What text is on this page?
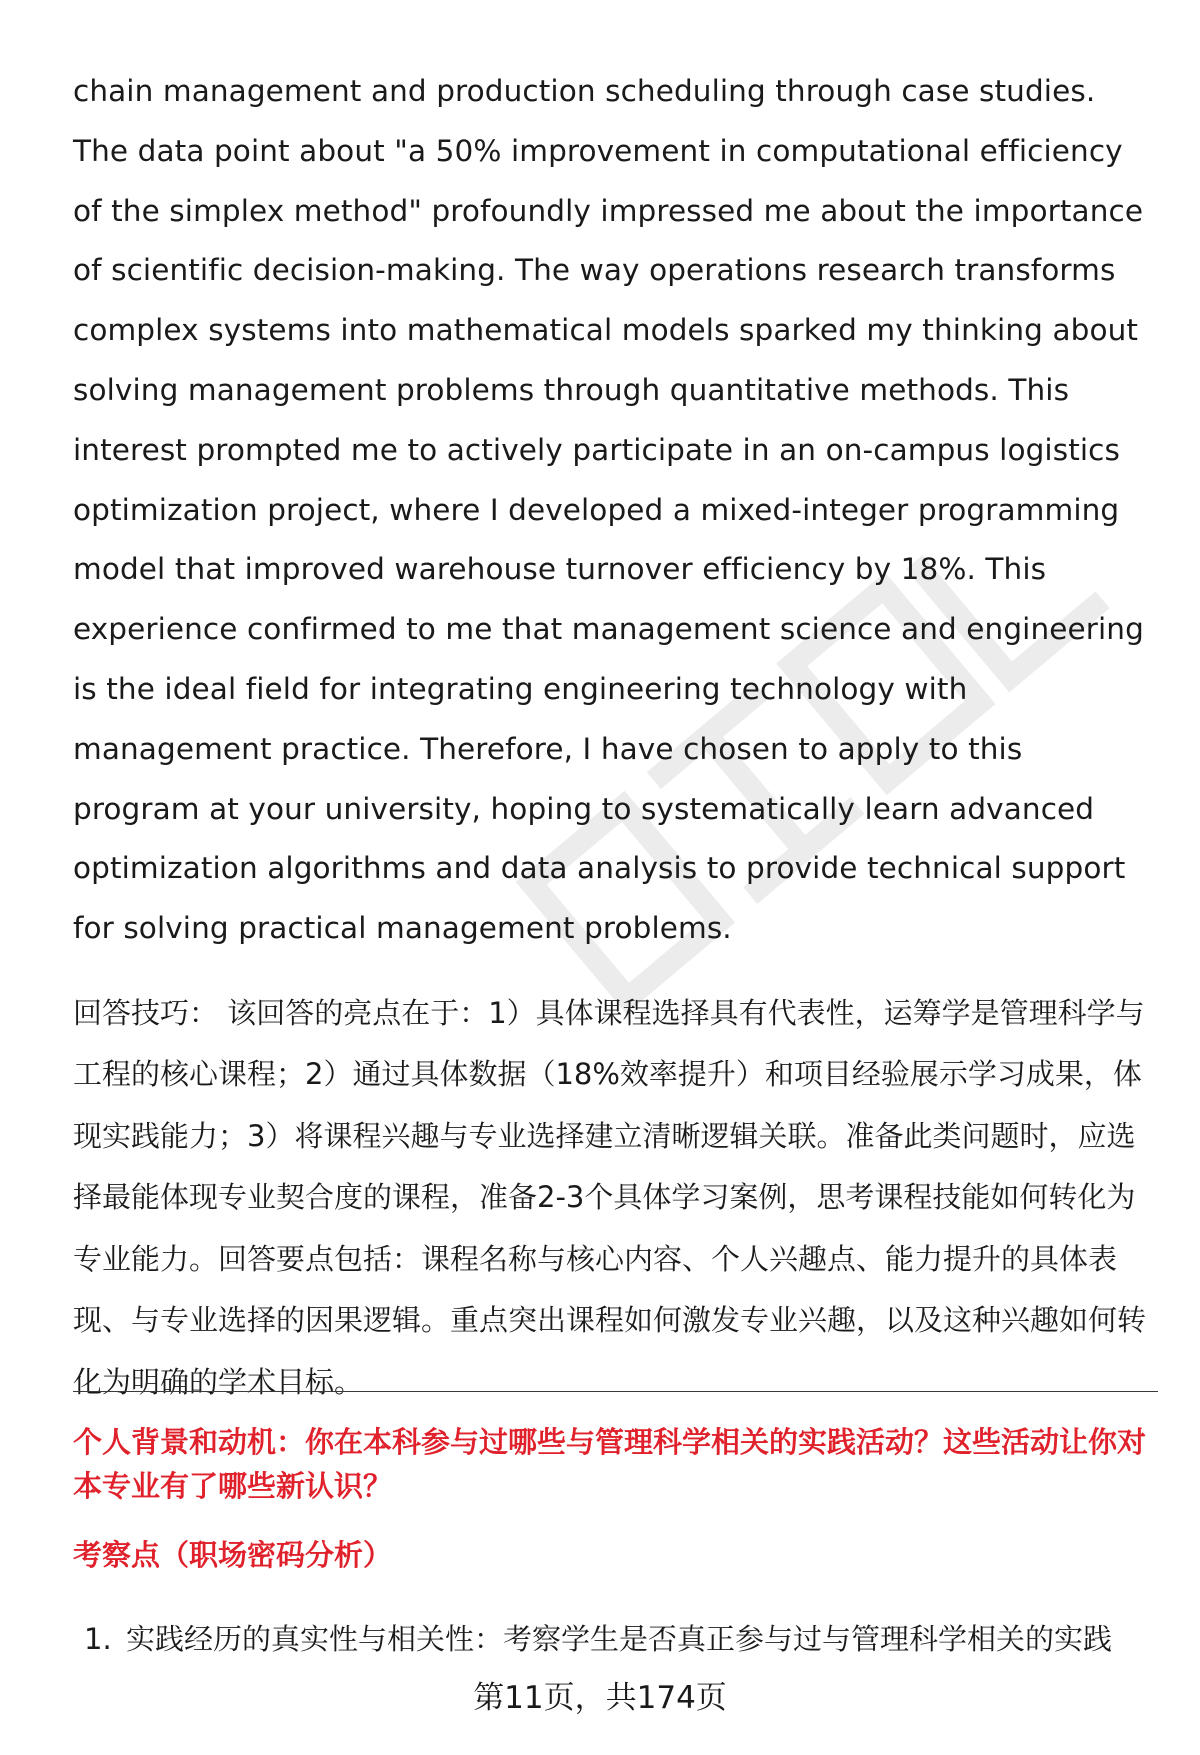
chain management and production scheduling through case studies. The data point about "a 50% improvement in computational efficiency of the simplex method" profoundly impressed me about the importance of scientific decision-making. The way operations research transforms complex systems into mathematical models sparked my thinking about solving management problems through quantitative methods. This interest prompted me to actively participate in an on-campus logistics optimization project, where I developed a mixed-integer programming model that improved warehouse turnover efficiency by 18%. This experience confirmed to me that management science and engineering is the ideal field for integrating engineering technology with management practice. Therefore, I have chosen to apply to this program at your university, hoping to systematically learn advanced optimization algorithms and data analysis to provide technical support for solving practical management problems.

回答技巧： 该回答的亮点在于：1）具体课程选择具有代表性，运筹学是管理科学与工程的核心课程；2）通过具体数据（18%效率提升）和项目经验展示学习成果，体现实践能力；3）将课程兴趣与专业选择建立清晰逻辑关联。准备此类问题时，应选择最能体现专业契合度的课程，准备2-3个具体学习案例，思考课程技能如何转化为专业能力。回答要点包括：课程名称与核心内容、个人兴趣点、能力提升的具体表现、与专业选择的因果逻辑。重点突出课程如何激发专业兴趣，以及这种兴趣如何转化为明确的学术目标。

个人背景和动机：你在本科参与过哪些与管理科学相关的实践活动？这些活动让你对本专业有了哪些新认识？

考察点（职场密码分析）

1. 实践经历的真实性与相关性：考察学生是否真正参与过与管理科学相关的实践

第11页，共174页
